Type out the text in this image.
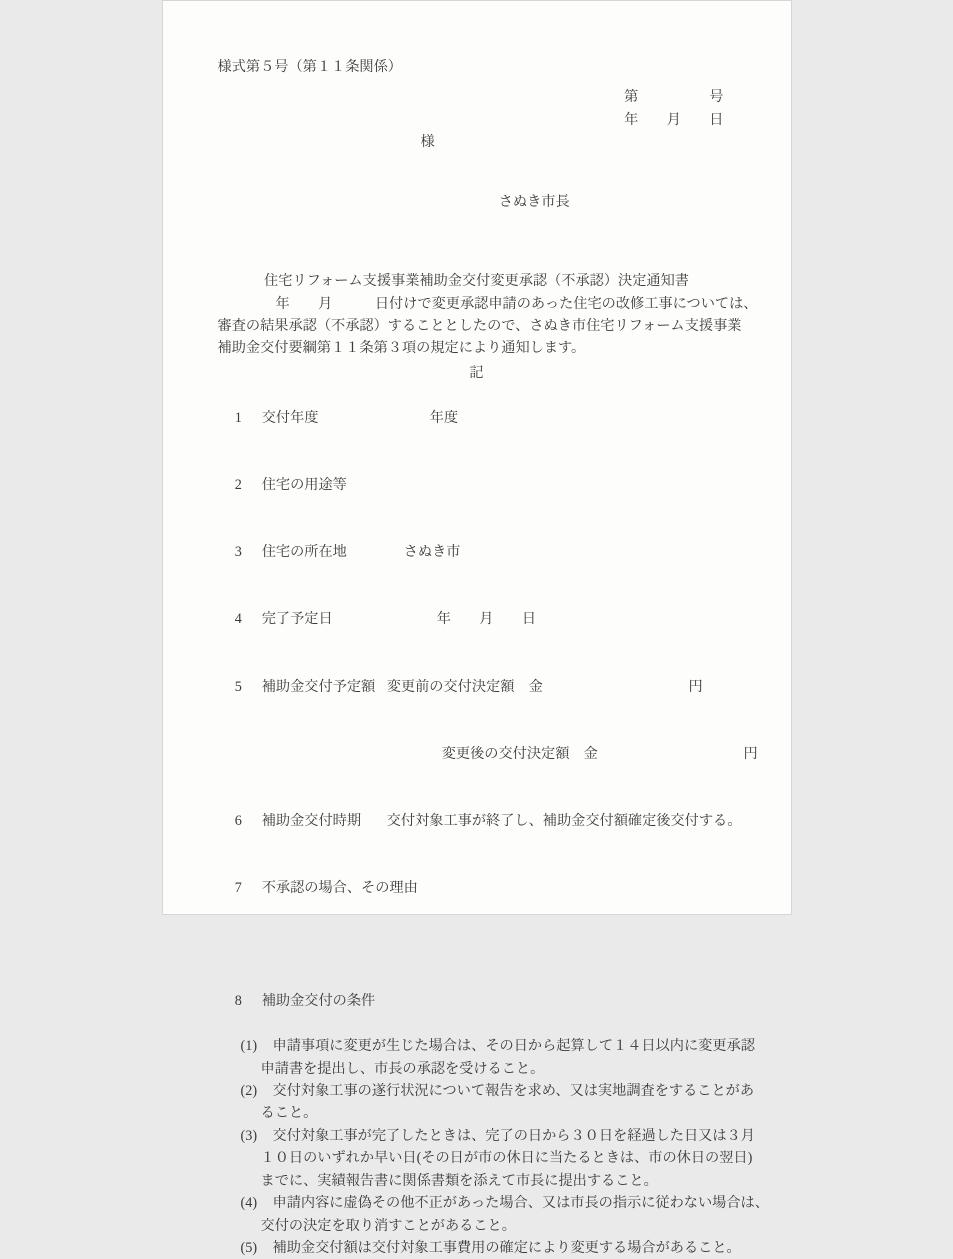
様式第５号（第１１条関係）
第　　　　　号
年　　月　　日
様

さぬき市長

住宅リフォーム支援事業補助金交付変更承認（不承認）決定通知書
年　　月　　　日付けで変更承認申請のあった住宅の改修工事については、
審査の結果承認（不承認）することとしたので、さぬき市住宅リフォーム支援事業
補助金交付要綱第１１条第３項の規定により通知します。
記

1 交付年度	年度

2 住宅の用途等

3 住宅の所在地	さぬき市

4 完了予定日	年　　月　　日

5 補助金交付予定額 変更前の交付決定額　金	円

変更後の交付決定額　金	円

6 補助金交付時期 交付対象工事が終了し、補助金交付額確定後交付する。

7 不承認の場合、その理由

8 補助金交付の条件

(1) 申請事項に変更が生じた場合は、その日から起算して１４日以内に変更承認
申請書を提出し、市長の承認を受けること。
(2) 交付対象工事の遂行状況について報告を求め、又は実地調査をすることがあ
ること。
(3) 交付対象工事が完了したときは、完了の日から３０日を経過した日又は３月
１０日のいずれか早い日(その日が市の休日に当たるときは、市の休日の翌日)
までに、実績報告書に関係書類を添えて市長に提出すること。
(4) 申請内容に虚偽その他不正があった場合、又は市長の指示に従わない場合は、
交付の決定を取り消すことがあること。
(5) 補助金交付額は交付対象工事費用の確定により変更する場合があること。
